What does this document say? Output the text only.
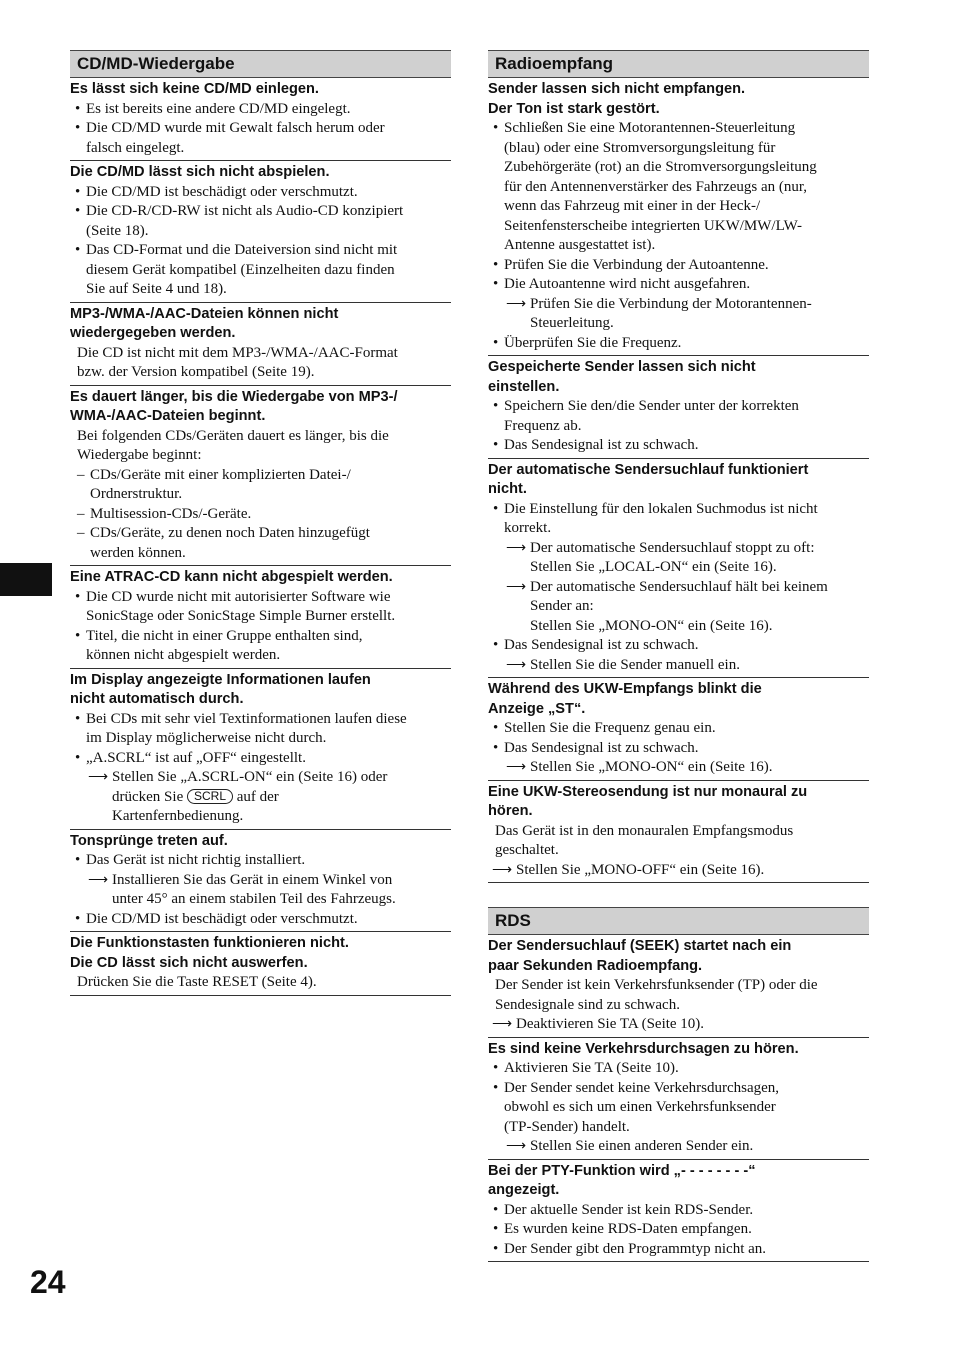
CD/MD-Wiedergabe
Es lässt sich keine CD/MD einlegen.
• Es ist bereits eine andere CD/MD eingelegt.
• Die CD/MD wurde mit Gewalt falsch herum oder
falsch eingelegt.
Die CD/MD lässt sich nicht abspielen.
• Die CD/MD ist beschädigt oder verschmutzt.
• Die CD-R/CD-RW ist nicht als Audio-CD konzipiert
(Seite 18).
• Das CD-Format und die Dateiversion sind nicht mit
diesem Gerät kompatibel (Einzelheiten dazu finden
Sie auf Seite 4 und 18).
MP3-/WMA-/AAC-Dateien können nicht
wiedergegeben werden.
Die CD ist nicht mit dem MP3-/WMA-/AAC-Format
bzw. der Version kompatibel (Seite 19).
Es dauert länger, bis die Wiedergabe von MP3-/
WMA-/AAC-Dateien beginnt.
Bei folgenden CDs/Geräten dauert es länger, bis die
Wiedergabe beginnt:
– CDs/Geräte mit einer komplizierten Datei-/
Ordnerstruktur.
– Multisession-CDs/-Geräte.
– CDs/Geräte, zu denen noch Daten hinzugefügt
werden können.
Eine ATRAC-CD kann nicht abgespielt werden.
• Die CD wurde nicht mit autorisierter Software wie
SonicStage oder SonicStage Simple Burner erstellt.
• Titel, die nicht in einer Gruppe enthalten sind,
können nicht abgespielt werden.
Im Display angezeigte Informationen laufen
nicht automatisch durch.
• Bei CDs mit sehr viel Textinformationen laufen diese
im Display möglicherweise nicht durch.
• „A.SCRL“ ist auf „OFF“ eingestellt.
⟶ Stellen Sie „A.SCRL-ON“ ein (Seite 16) oder
drücken Sie SCRL auf der
Kartenfernbedienung.
Tonsprünge treten auf.
• Das Gerät ist nicht richtig installiert.
⟶ Installieren Sie das Gerät in einem Winkel von
unter 45° an einem stabilen Teil des Fahrzeugs.
• Die CD/MD ist beschädigt oder verschmutzt.
Die Funktionstasten funktionieren nicht.
Die CD lässt sich nicht auswerfen.
Drücken Sie die Taste RESET (Seite 4).
Radioempfang
Sender lassen sich nicht empfangen.
Der Ton ist stark gestört.
• Schließen Sie eine Motorantennen-Steuerleitung
(blau) oder eine Stromversorgungsleitung für
Zubehörgeräte (rot) an die Stromversorgungsleitung
für den Antennenverstärker des Fahrzeugs an (nur,
wenn das Fahrzeug mit einer in der Heck-/
Seitenfensterscheibe integrierten UKW/MW/LW-
Antenne ausgestattet ist).
• Prüfen Sie die Verbindung der Autoantenne.
• Die Autoantenne wird nicht ausgefahren.
⟶ Prüfen Sie die Verbindung der Motorantennen-
Steuerleitung.
• Überprüfen Sie die Frequenz.
Gespeicherte Sender lassen sich nicht
einstellen.
• Speichern Sie den/die Sender unter der korrekten
Frequenz ab.
• Das Sendesignal ist zu schwach.
Der automatische Sendersuchlauf funktioniert
nicht.
• Die Einstellung für den lokalen Suchmodus ist nicht
korrekt.
⟶ Der automatische Sendersuchlauf stoppt zu oft:
Stellen Sie „LOCAL-ON“ ein (Seite 16).
⟶ Der automatische Sendersuchlauf hält bei keinem
Sender an:
Stellen Sie „MONO-ON“ ein (Seite 16).
• Das Sendesignal ist zu schwach.
⟶ Stellen Sie die Sender manuell ein.
Während des UKW-Empfangs blinkt die
Anzeige „ST“.
• Stellen Sie die Frequenz genau ein.
• Das Sendesignal ist zu schwach.
⟶ Stellen Sie „MONO-ON“ ein (Seite 16).
Eine UKW-Stereosendung ist nur monaural zu
hören.
Das Gerät ist in den monauralen Empfangsmodus
geschaltet.
⟶ Stellen Sie „MONO-OFF“ ein (Seite 16).
RDS
Der Sendersuchlauf (SEEK) startet nach ein
paar Sekunden Radioempfang.
Der Sender ist kein Verkehrsfunksender (TP) oder die
Sendesignale sind zu schwach.
⟶ Deaktivieren Sie TA (Seite 10).
Es sind keine Verkehrsdurchsagen zu hören.
• Aktivieren Sie TA (Seite 10).
• Der Sender sendet keine Verkehrsdurchsagen,
obwohl es sich um einen Verkehrsfunksender
(TP-Sender) handelt.
⟶ Stellen Sie einen anderen Sender ein.
Bei der PTY-Funktion wird „- - - - - - - -“
angezeigt.
• Der aktuelle Sender ist kein RDS-Sender.
• Es wurden keine RDS-Daten empfangen.
• Der Sender gibt den Programmtyp nicht an.
24
